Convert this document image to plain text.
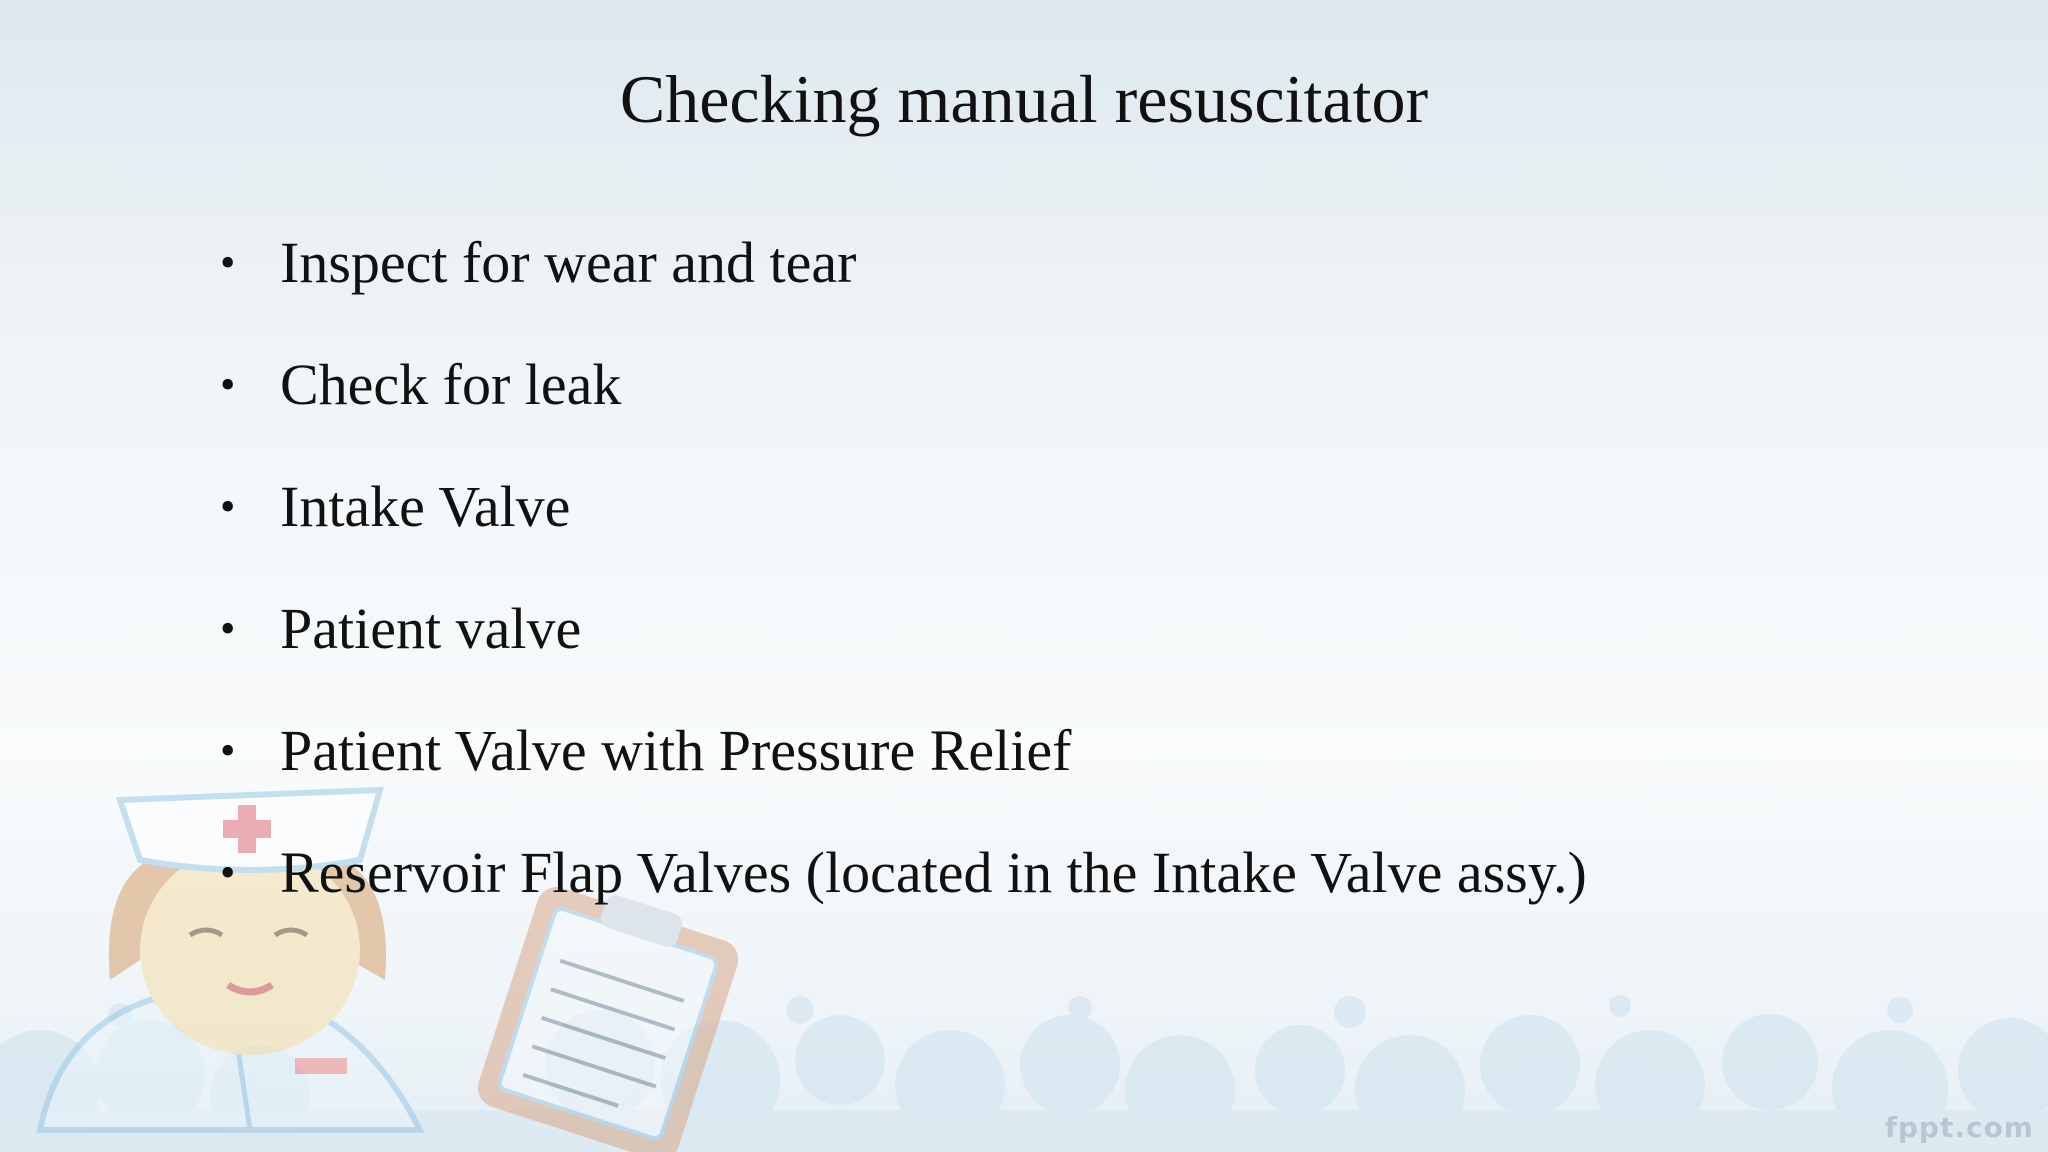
Checking manual resuscitator
• Inspect for wear and tear
• Check for leak
• Intake Valve
• Patient valve
• Patient Valve with Pressure Relief
• Reservoir Flap Valves (located in the Intake Valve assy.)
fppt.com
